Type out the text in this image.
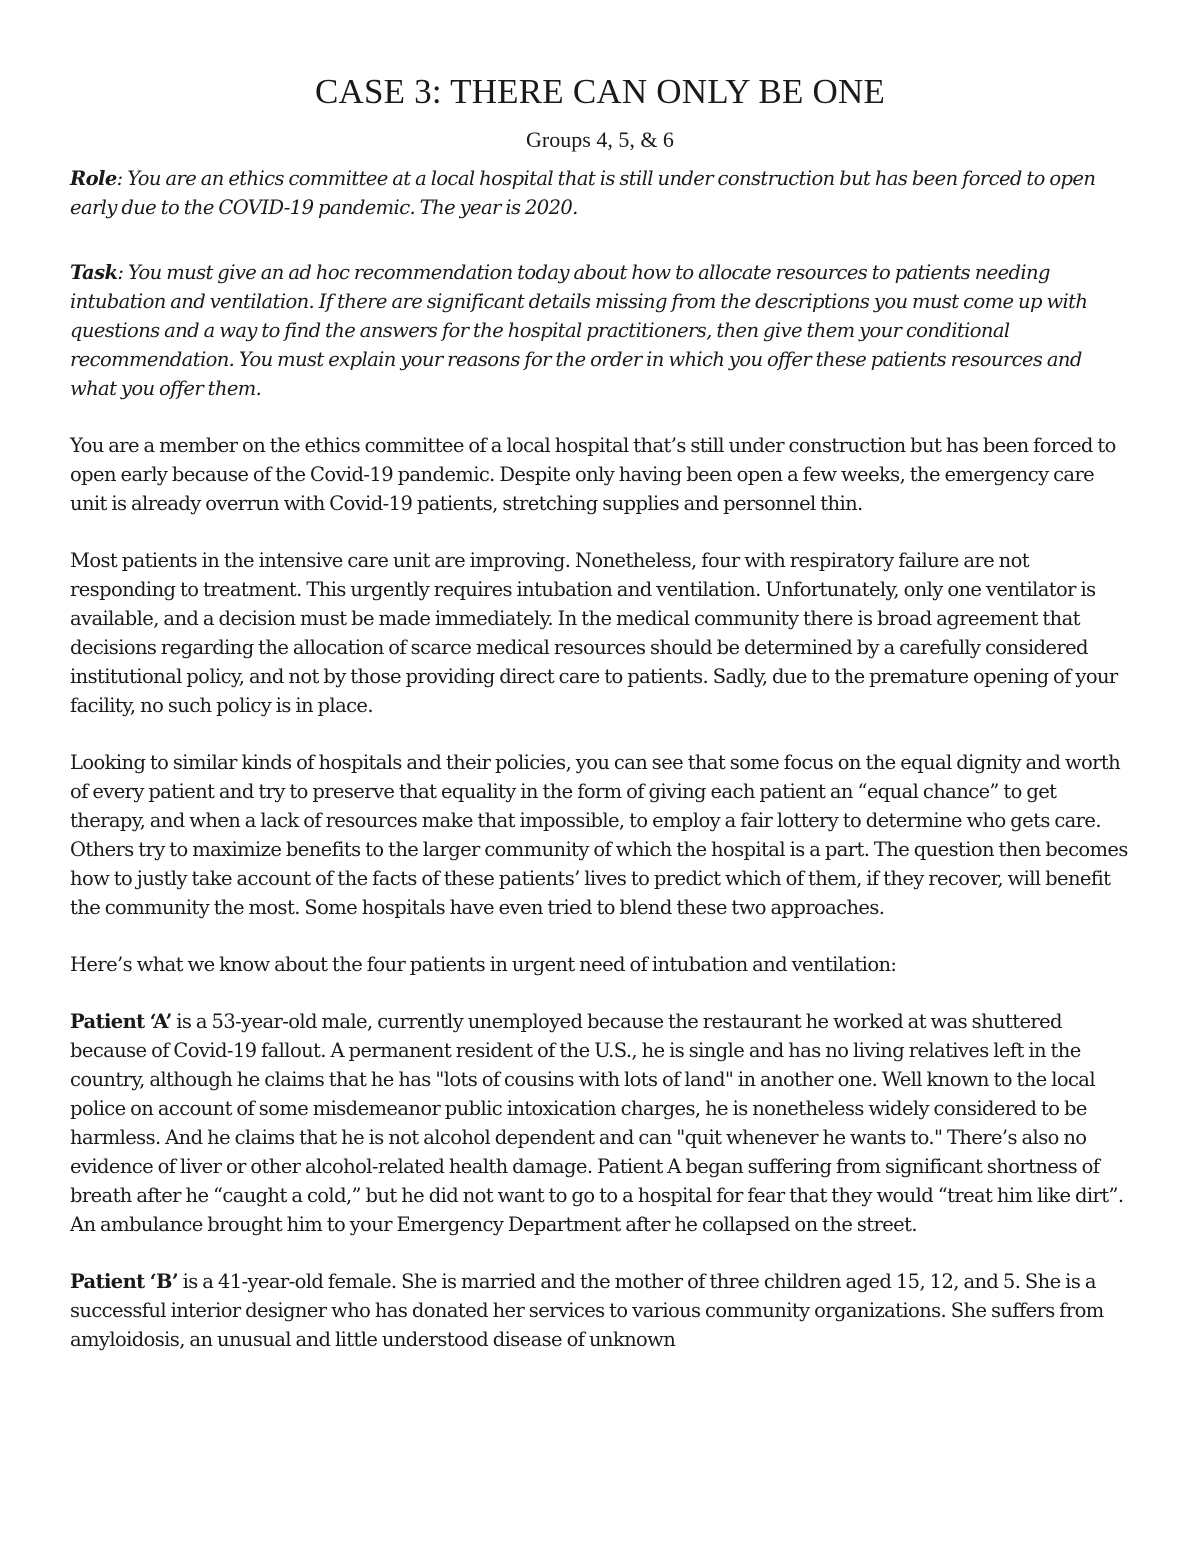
CASE 3: THERE CAN ONLY BE ONE
Groups 4, 5, & 6

Role: You are an ethics committee at a local hospital that is still under construction but has been forced to open early due to the COVID-19 pandemic. The year is 2020.

Task: You must give an ad hoc recommendation today about how to allocate resources to patients needing intubation and ventilation. If there are significant details missing from the descriptions you must come up with questions and a way to find the answers for the hospital practitioners, then give them your conditional recommendation. You must explain your reasons for the order in which you offer these patients resources and what you offer them.

You are a member on the ethics committee of a local hospital that’s still under construction but has been forced to open early because of the Covid-19 pandemic. Despite only having been open a few weeks, the emergency care unit is already overrun with Covid-19 patients, stretching supplies and personnel thin.

Most patients in the intensive care unit are improving. Nonetheless, four with respiratory failure are not responding to treatment. This urgently requires intubation and ventilation. Unfortunately, only one ventilator is available, and a decision must be made immediately. In the medical community there is broad agreement that decisions regarding the allocation of scarce medical resources should be determined by a carefully considered institutional policy, and not by those providing direct care to patients. Sadly, due to the premature opening of your facility, no such policy is in place.

Looking to similar kinds of hospitals and their policies, you can see that some focus on the equal dignity and worth of every patient and try to preserve that equality in the form of giving each patient an “equal chance” to get therapy, and when a lack of resources make that impossible, to employ a fair lottery to determine who gets care. Others try to maximize benefits to the larger community of which the hospital is a part. The question then becomes how to justly take account of the facts of these patients’ lives to predict which of them, if they recover, will benefit the community the most. Some hospitals have even tried to blend these two approaches.

Here’s what we know about the four patients in urgent need of intubation and ventilation:

Patient ‘A’ is a 53-year-old male, currently unemployed because the restaurant he worked at was shuttered because of Covid-19 fallout. A permanent resident of the U.S., he is single and has no living relatives left in the country, although he claims that he has "lots of cousins with lots of land" in another one. Well known to the local police on account of some misdemeanor public intoxication charges, he is nonetheless widely considered to be harmless. And he claims that he is not alcohol dependent and can "quit whenever he wants to." There’s also no evidence of liver or other alcohol-related health damage. Patient A began suffering from significant shortness of breath after he “caught a cold,” but he did not want to go to a hospital for fear that they would “treat him like dirt”. An ambulance brought him to your Emergency Department after he collapsed on the street.

Patient ‘B’ is a 41-year-old female. She is married and the mother of three children aged 15, 12, and 5. She is a successful interior designer who has donated her services to various community organizations. She suffers from amyloidosis, an unusual and little understood disease of unknown
